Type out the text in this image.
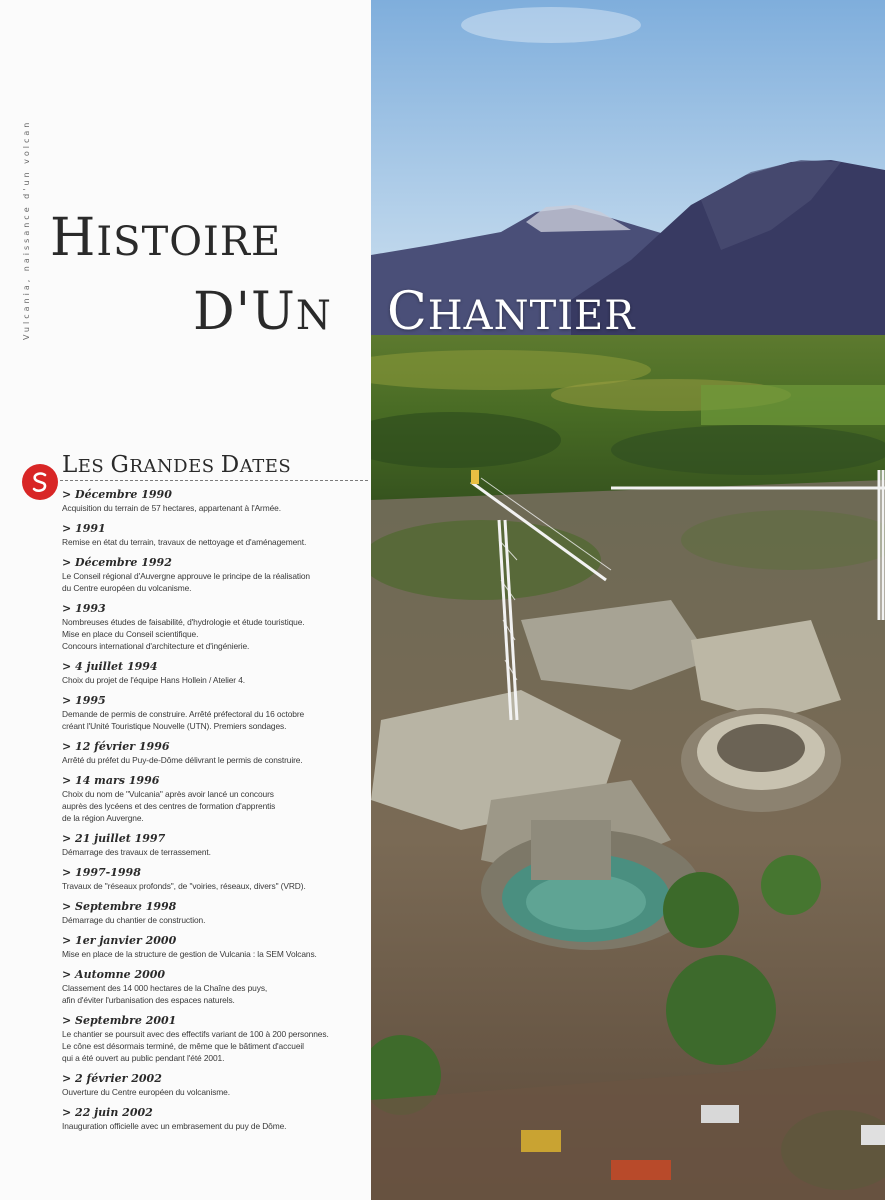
Vulcania, naissance d'un volcan HISTOIRE
D'UN CHANTIER
LES GRANDES DATES
> Décembre 1990
Acquisition du terrain de 57 hectares, appartenant à l'Armée.
> 1991
Remise en état du terrain, travaux de nettoyage et d'aménagement.
> Décembre 1992
Le Conseil régional d'Auvergne approuve le principe de la réalisation
du Centre européen du volcanisme.
> 1993
Nombreuses études de faisabilité, d'hydrologie et étude touristique.
Mise en place du Conseil scientifique.
Concours international d'architecture et d'ingénierie.
> 4 juillet 1994
Choix du projet de l'équipe Hans Hollein / Atelier 4.
> 1995
Demande de permis de construire. Arrêté préfectoral du 16 octobre
créant l'Unité Touristique Nouvelle (UTN). Premiers sondages.
> 12 février 1996
Arrêté du préfet du Puy-de-Dôme délivrant le permis de construire.
> 14 mars 1996
Choix du nom de "Vulcania" après avoir lancé un concours
auprès des lycéens et des centres de formation d'apprentis
de la région Auvergne.
> 21 juillet 1997
Démarrage des travaux de terrassement.
> 1997-1998
Travaux de "réseaux profonds", de "voiries, réseaux, divers" (VRD).
> Septembre 1998
Démarrage du chantier de construction.
> 1er janvier 2000
Mise en place de la structure de gestion de Vulcania : la SEM Volcans.
> Automne 2000
Classement des 14 000 hectares de la Chaîne des puys,
afin d'éviter l'urbanisation des espaces naturels.
> Septembre 2001
Le chantier se poursuit avec des effectifs variant de 100 à 200 personnes.
Le cône est désormais terminé, de même que le bâtiment d'accueil
qui a été ouvert au public pendant l'été 2001.
> 2 février 2002
Ouverture du Centre européen du volcanisme.
> 22 juin 2002
Inauguration officielle avec un embrasement du puy de Dôme.
